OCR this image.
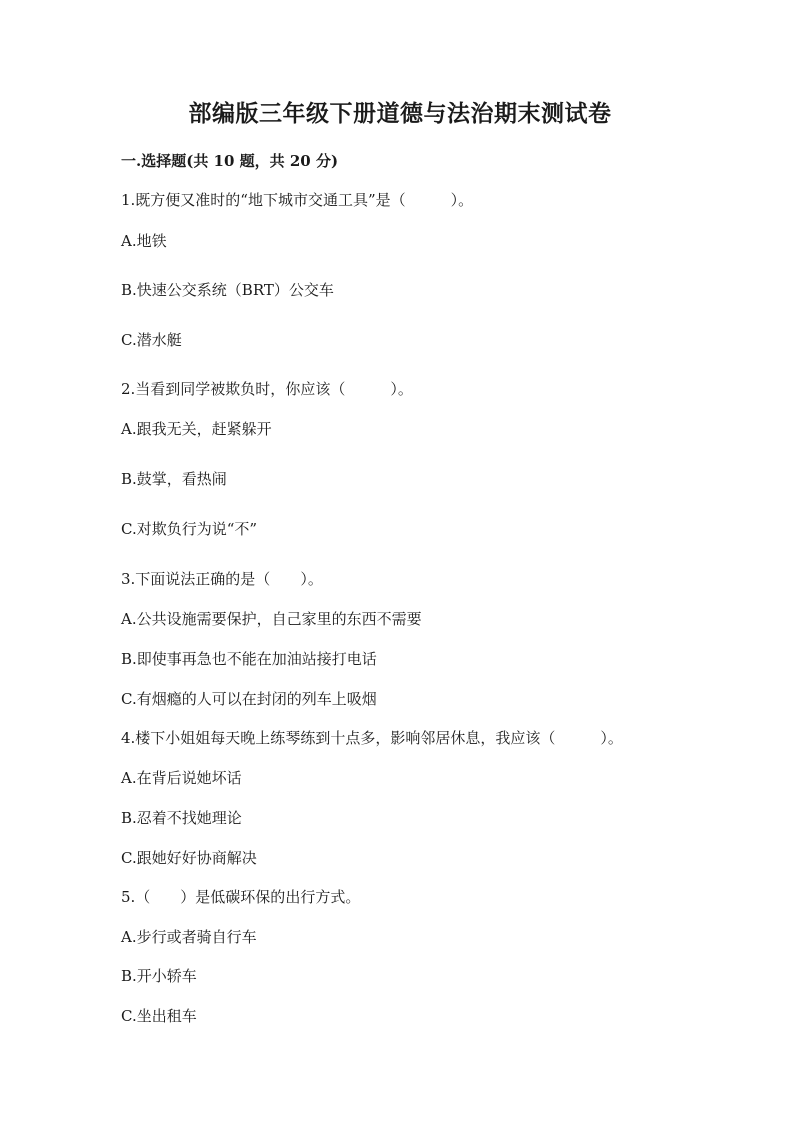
部编版三年级下册道德与法治期末测试卷
一.选择题(共 10 题，共 20 分)
1.既方便又准时的“地下城市交通工具”是（　　　）。
A.地铁
B.快速公交系统（BRT）公交车
C.潜水艇
2.当看到同学被欺负时，你应该（　　　）。
A.跟我无关，赶紧躲开
B.鼓掌，看热闹
C.对欺负行为说“不”
3.下面说法正确的是（　　）。
A.公共设施需要保护，自己家里的东西不需要
B.即使事再急也不能在加油站接打电话
C.有烟瘾的人可以在封闭的列车上吸烟
4.楼下小姐姐每天晚上练琴练到十点多，影响邻居休息，我应该（　　　）。
A.在背后说她坏话
B.忍着不找她理论
C.跟她好好协商解决
5.（　　）是低碳环保的出行方式。
A.步行或者骑自行车
B.开小轿车
C.坐出租车
